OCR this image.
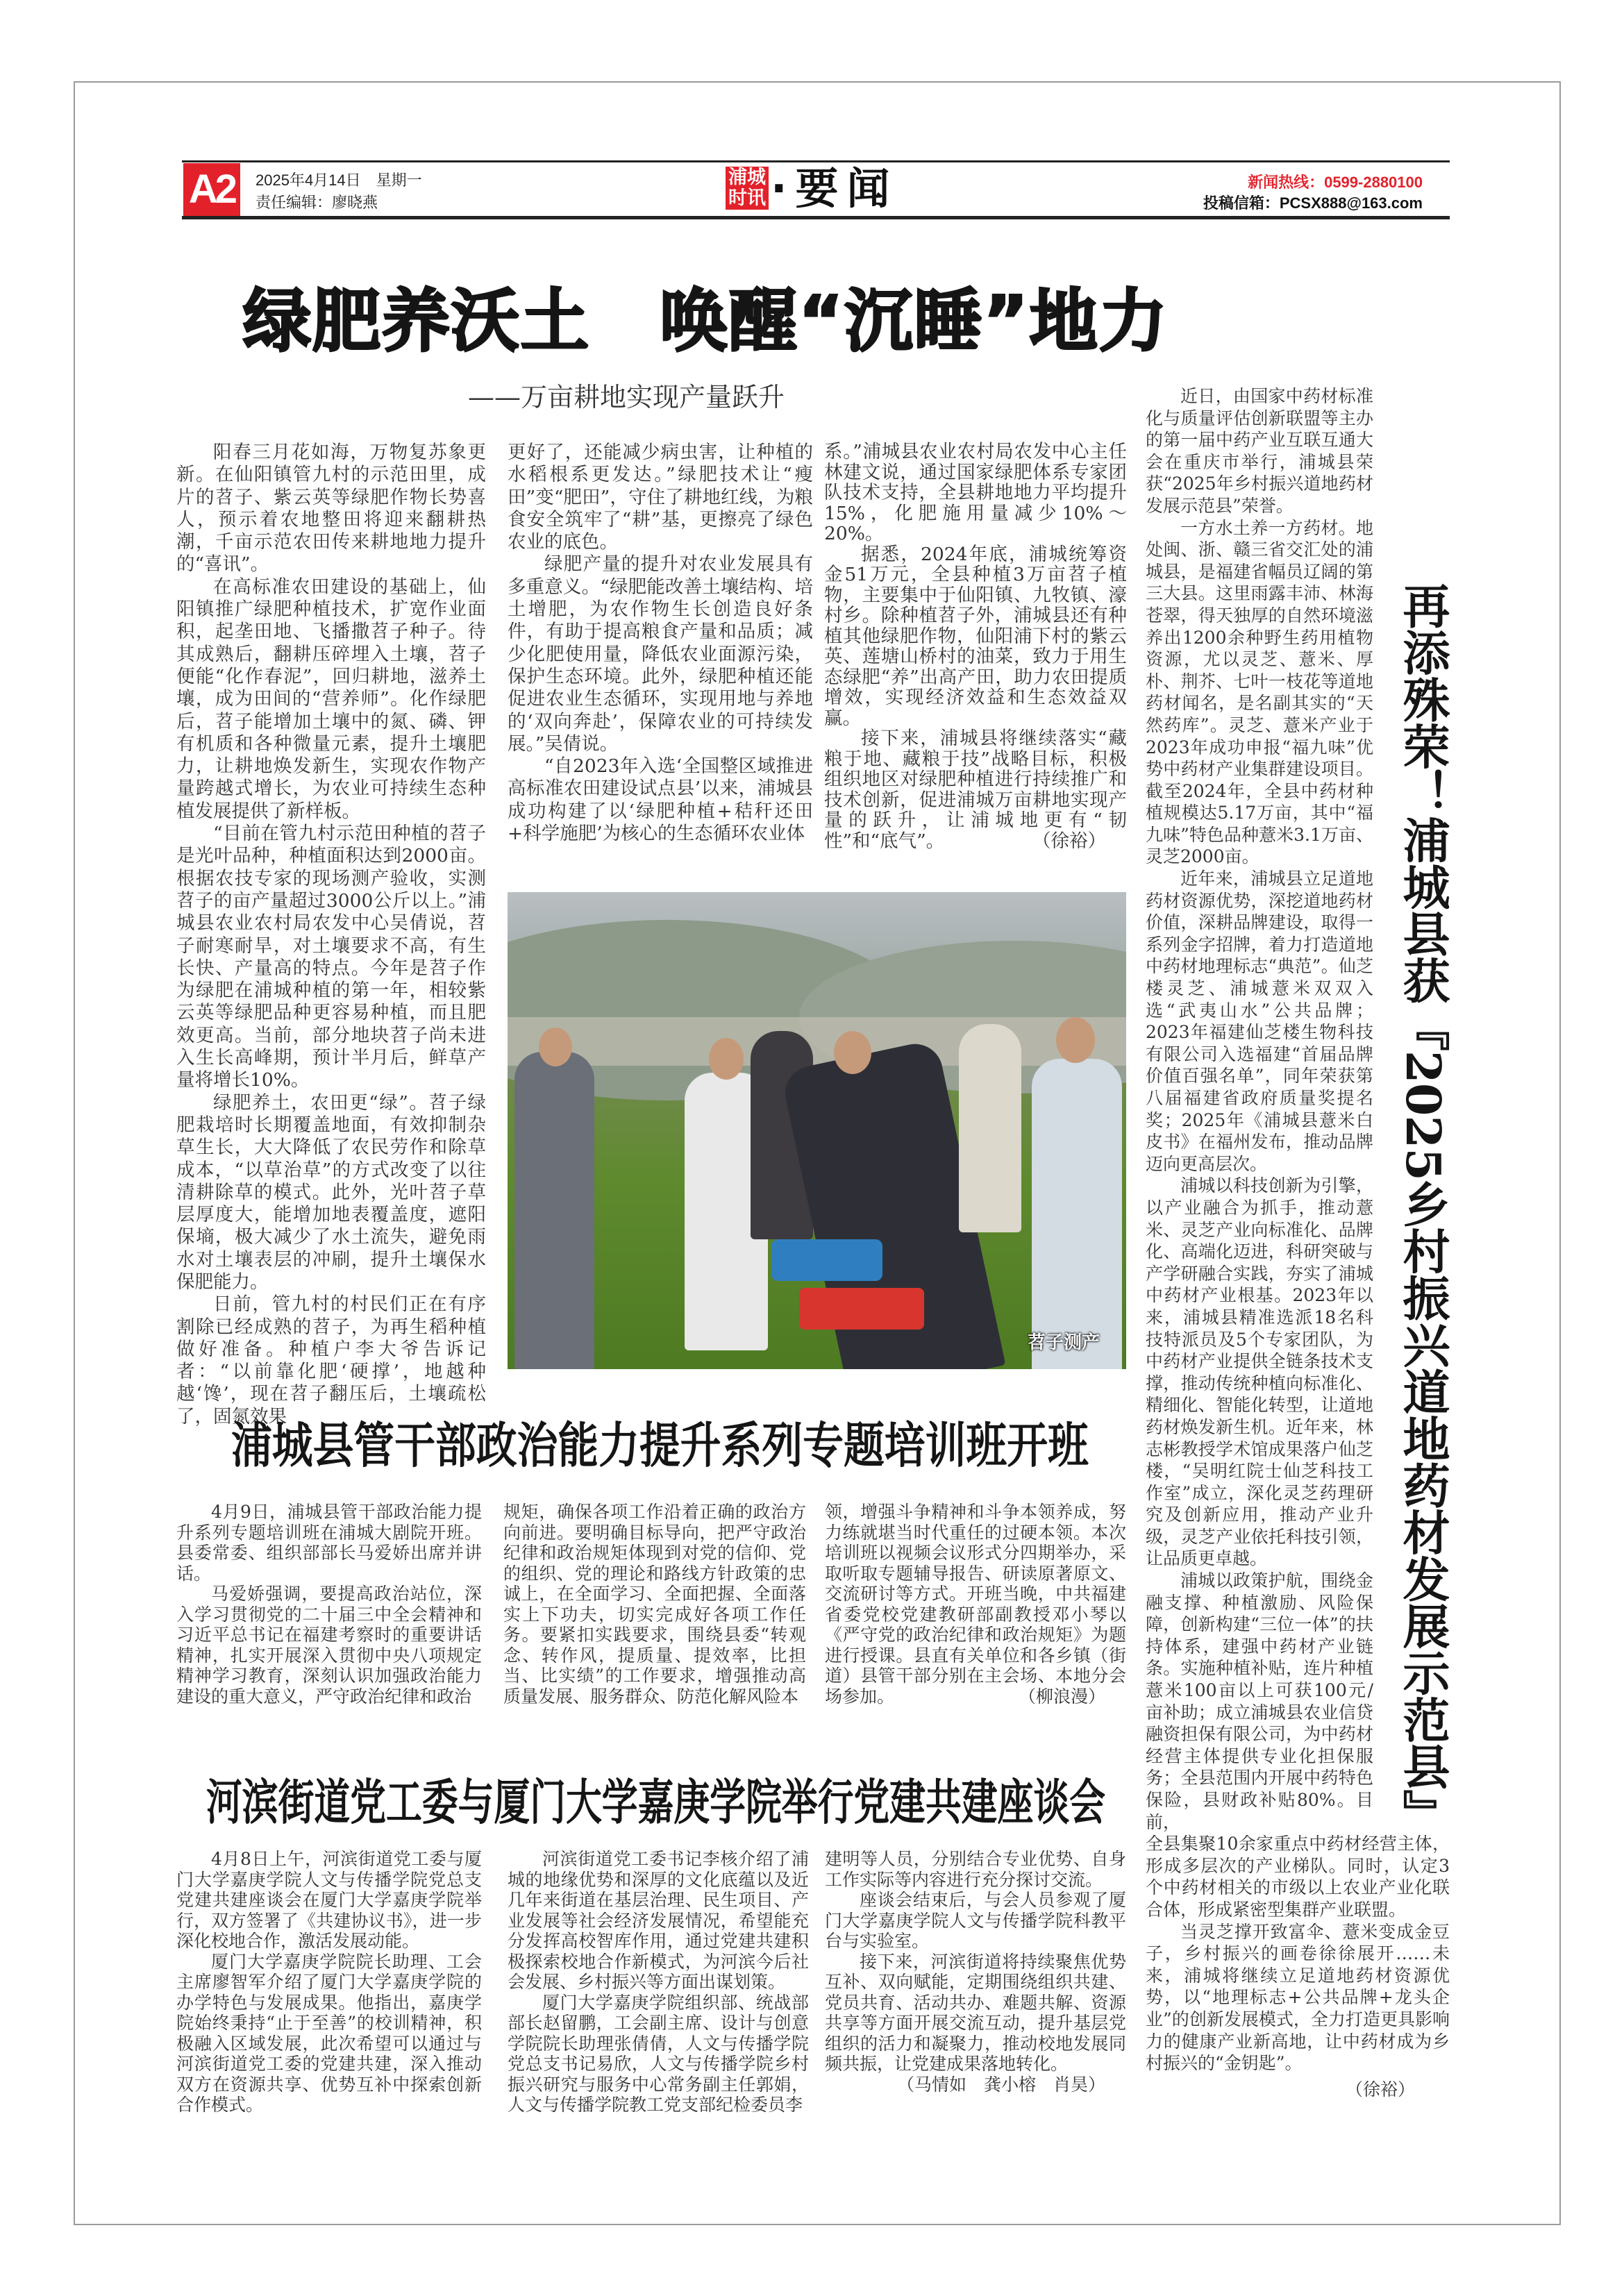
A2	2025年4月14日　星期一
责任编辑：廖晓燕
浦城时讯 ·要闻	新闻热线：0599-2880100
投稿信箱：PCSX888@163.com
绿肥养沃土　唤醒“沉睡”地力
——万亩耕地实现产量跃升

阳春三月花如海，万物复苏象更新。在仙阳镇管九村的示范田里，成片的苕子、紫云英等绿肥作物长势喜人，预示着农地整田将迎来翻耕热潮，千亩示范农田传来耕地地力提升的“喜讯”。

在高标准农田建设的基础上，仙阳镇推广绿肥种植技术，扩宽作业面积，起垄田地、飞播撒苕子种子。待其成熟后，翻耕压碎埋入土壤，苕子便能“化作春泥”，回归耕地，滋养土壤，成为田间的“营养师”。化作绿肥后，苕子能增加土壤中的氮、磷、钾有机质和各种微量元素，提升土壤肥力，让耕地焕发新生，实现农作物产量跨越式增长，为农业可持续生态种植发展提供了新样板。

“目前在管九村示范田种植的苕子是光叶品种，种植面积达到2000亩。根据农技专家的现场测产验收，实测苕子的亩产量超过3000公斤以上。”浦城县农业农村局农发中心吴倩说，苕子耐寒耐旱，对土壤要求不高，有生长快、产量高的特点。今年是苕子作为绿肥在浦城种植的第一年，相较紫云英等绿肥品种更容易种植，而且肥效更高。当前，部分地块苕子尚未进入生长高峰期，预计半月后，鲜草产量将增长10%。

绿肥养土，农田更“绿”。苕子绿肥栽培时长期覆盖地面，有效抑制杂草生长，大大降低了农民劳作和除草成本，“以草治草”的方式改变了以往清耕除草的模式。此外，光叶苕子草层厚度大，能增加地表覆盖度，遮阳保墒，极大减少了水土流失，避免雨水对土壤表层的冲刷，提升土壤保水保肥能力。

日前，管九村的村民们正在有序割除已经成熟的苕子，为再生稻种植做好准备。种植户李大爷告诉记者：“以前靠化肥‘硬撑’，地越种越‘馋’，现在苕子翻压后，土壤疏松了，固氮效果

更好了，还能减少病虫害，让种植的水稻根系更发达。”绿肥技术让“瘦田”变“肥田”，守住了耕地红线，为粮食安全筑牢了“耕”基，更擦亮了绿色农业的底色。

绿肥产量的提升对农业发展具有多重意义。“绿肥能改善土壤结构、培土增肥，为农作物生长创造良好条件，有助于提高粮食产量和品质；减少化肥使用量，降低农业面源污染，保护生态环境。此外，绿肥种植还能促进农业生态循环，实现用地与养地的‘双向奔赴’，保障农业的可持续发展。”吴倩说。

“自2023年入选‘全国整区域推进高标准农田建设试点县’以来，浦城县成功构建了以‘绿肥种植+秸秆还田+科学施肥’为核心的生态循环农业体

系。”浦城县农业农村局农发中心主任林建文说，通过国家绿肥体系专家团队技术支持，全县耕地地力平均提升15%，化肥施用量减少10%～20%。

据悉，2024年底，浦城统筹资金51万元，全县种植3万亩苕子植物，主要集中于仙阳镇、九牧镇、濠村乡。除种植苕子外，浦城县还有种植其他绿肥作物，仙阳浦下村的紫云英、莲塘山桥村的油菜，致力于用生态绿肥“养”出高产田，助力农田提质增效，实现经济效益和生态效益双赢。

接下来，浦城县将继续落实“藏粮于地、藏粮于技”战略目标，积极组织地区对绿肥种植进行持续推广和技术创新，促进浦城万亩耕地实现产量的跃升，让浦城地更有“韧性”和“底气”。	（徐裕）

苕子测产	再添殊荣！浦城县获『2025乡村振兴道地药材发展示范县』

近日，由国家中药材标准化与质量评估创新联盟等主办的第一届中药产业互联互通大会在重庆市举行，浦城县荣获“2025年乡村振兴道地药材发展示范县”荣誉。

一方水土养一方药材。地处闽、浙、赣三省交汇处的浦城县，是福建省幅员辽阔的第三大县。这里雨露丰沛、林海苍翠，得天独厚的自然环境滋养出1200余种野生药用植物资源，尤以灵芝、薏米、厚朴、荆芥、七叶一枝花等道地药材闻名，是名副其实的“天然药库”。灵芝、薏米产业于2023年成功申报“福九味”优势中药材产业集群建设项目。截至2024年，全县中药材种植规模达5.17万亩，其中“福九味”特色品种薏米3.1万亩、灵芝2000亩。

近年来，浦城县立足道地药材资源优势，深挖道地药材价值，深耕品牌建设，取得一系列金字招牌，着力打造道地中药材地理标志“典范”。仙芝楼灵芝、浦城薏米双双入选“武夷山水”公共品牌；2023年福建仙芝楼生物科技有限公司入选福建“首届品牌价值百强名单”，同年荣获第八届福建省政府质量奖提名奖；2025年《浦城县薏米白皮书》在福州发布，推动品牌迈向更高层次。

浦城以科技创新为引擎，以产业融合为抓手，推动薏米、灵芝产业向标准化、品牌化、高端化迈进，科研突破与产学研融合实践，夯实了浦城中药材产业根基。2023年以来，浦城县精准选派18名科技特派员及5个专家团队，为中药材产业提供全链条技术支撑，推动传统种植向标准化、精细化、智能化转型，让道地药材焕发新生机。近年来，林志彬教授学术馆成果落户仙芝楼，“吴明红院士仙芝科技工作室”成立，深化灵芝药理研究及创新应用，推动产业升级，灵芝产业依托科技引领，让品质更卓越。

浦城以政策护航，围绕金融支撑、种植激励、风险保障，创新构建“三位一体”的扶持体系，建强中药材产业链条。实施种植补贴，连片种植薏米100亩以上可获100元/亩补助；成立浦城县农业信贷融资担保有限公司，为中药材经营主体提供专业化担保服务；全县范围内开展中药特色保险，县财政补贴80%。目前，

全县集聚10余家重点中药材经营主体，形成多层次的产业梯队。同时，认定3个中药材相关的市级以上农业产业化联合体，形成紧密型集群产业联盟。

当灵芝撑开致富伞、薏米变成金豆子，乡村振兴的画卷徐徐展开……未来，浦城将继续立足道地药材资源优势，以“地理标志+公共品牌+龙头企业”的创新发展模式，全力打造更具影响力的健康产业新高地，让中药材成为乡村振兴的“金钥匙”。

（徐裕）

浦城县管干部政治能力提升系列专题培训班开班

4月9日，浦城县管干部政治能力提升系列专题培训班在浦城大剧院开班。县委常委、组织部部长马爱娇出席并讲话。

马爱娇强调，要提高政治站位，深入学习贯彻党的二十届三中全会精神和习近平总书记在福建考察时的重要讲话精神，扎实开展深入贯彻中央八项规定精神学习教育，深刻认识加强政治能力建设的重大意义，严守政治纪律和政治

规矩，确保各项工作沿着正确的政治方向前进。要明确目标导向，把严守政治纪律和政治规矩体现到对党的信仰、党的组织、党的理论和路线方针政策的忠诚上，在全面学习、全面把握、全面落实上下功夫，切实完成好各项工作任务。要紧扣实践要求，围绕县委“转观念、转作风，提质量、提效率，比担当、比实绩”的工作要求，增强推动高质量发展、服务群众、防范化解风险本

领，增强斗争精神和斗争本领养成，努力练就堪当时代重任的过硬本领。本次培训班以视频会议形式分四期举办，采取听取专题辅导报告、研读原著原文、交流研讨等方式。开班当晚，中共福建省委党校党建教研部副教授邓小琴以《严守党的政治纪律和政治规矩》为题进行授课。县直有关单位和各乡镇（街道）县管干部分别在主会场、本地分会场参加。	（柳浪漫）

河滨街道党工委与厦门大学嘉庚学院举行党建共建座谈会

4月8日上午，河滨街道党工委与厦门大学嘉庚学院人文与传播学院党总支党建共建座谈会在厦门大学嘉庚学院举行，双方签署了《共建协议书》，进一步深化校地合作，激活发展动能。

厦门大学嘉庚学院院长助理、工会主席廖智军介绍了厦门大学嘉庚学院的办学特色与发展成果。他指出，嘉庚学院始终秉持“止于至善”的校训精神，积极融入区域发展，此次希望可以通过与河滨街道党工委的党建共建，深入推动双方在资源共享、优势互补中探索创新合作模式。

河滨街道党工委书记李核介绍了浦城的地缘优势和深厚的文化底蕴以及近几年来街道在基层治理、民生项目、产业发展等社会经济发展情况，希望能充分发挥高校智库作用，通过党建共建积极探索校地合作新模式，为河滨今后社会发展、乡村振兴等方面出谋划策。

厦门大学嘉庚学院组织部、统战部部长赵留鹏，工会副主席、设计与创意学院院长助理张倩倩，人文与传播学院党总支书记易欣，人文与传播学院乡村振兴研究与服务中心常务副主任郭娟，人文与传播学院教工党支部纪检委员李

建明等人员，分别结合专业优势、自身工作实际等内容进行充分探讨交流。

座谈会结束后，与会人员参观了厦门大学嘉庚学院人文与传播学院科教平台与实验室。

接下来，河滨街道将持续聚焦优势互补、双向赋能，定期围绕组织共建、党员共育、活动共办、难题共解、资源共享等方面开展交流互动，提升基层党组织的活力和凝聚力，推动校地发展同频共振，让党建成果落地转化。

（马情如　龚小榕　肖昊）
